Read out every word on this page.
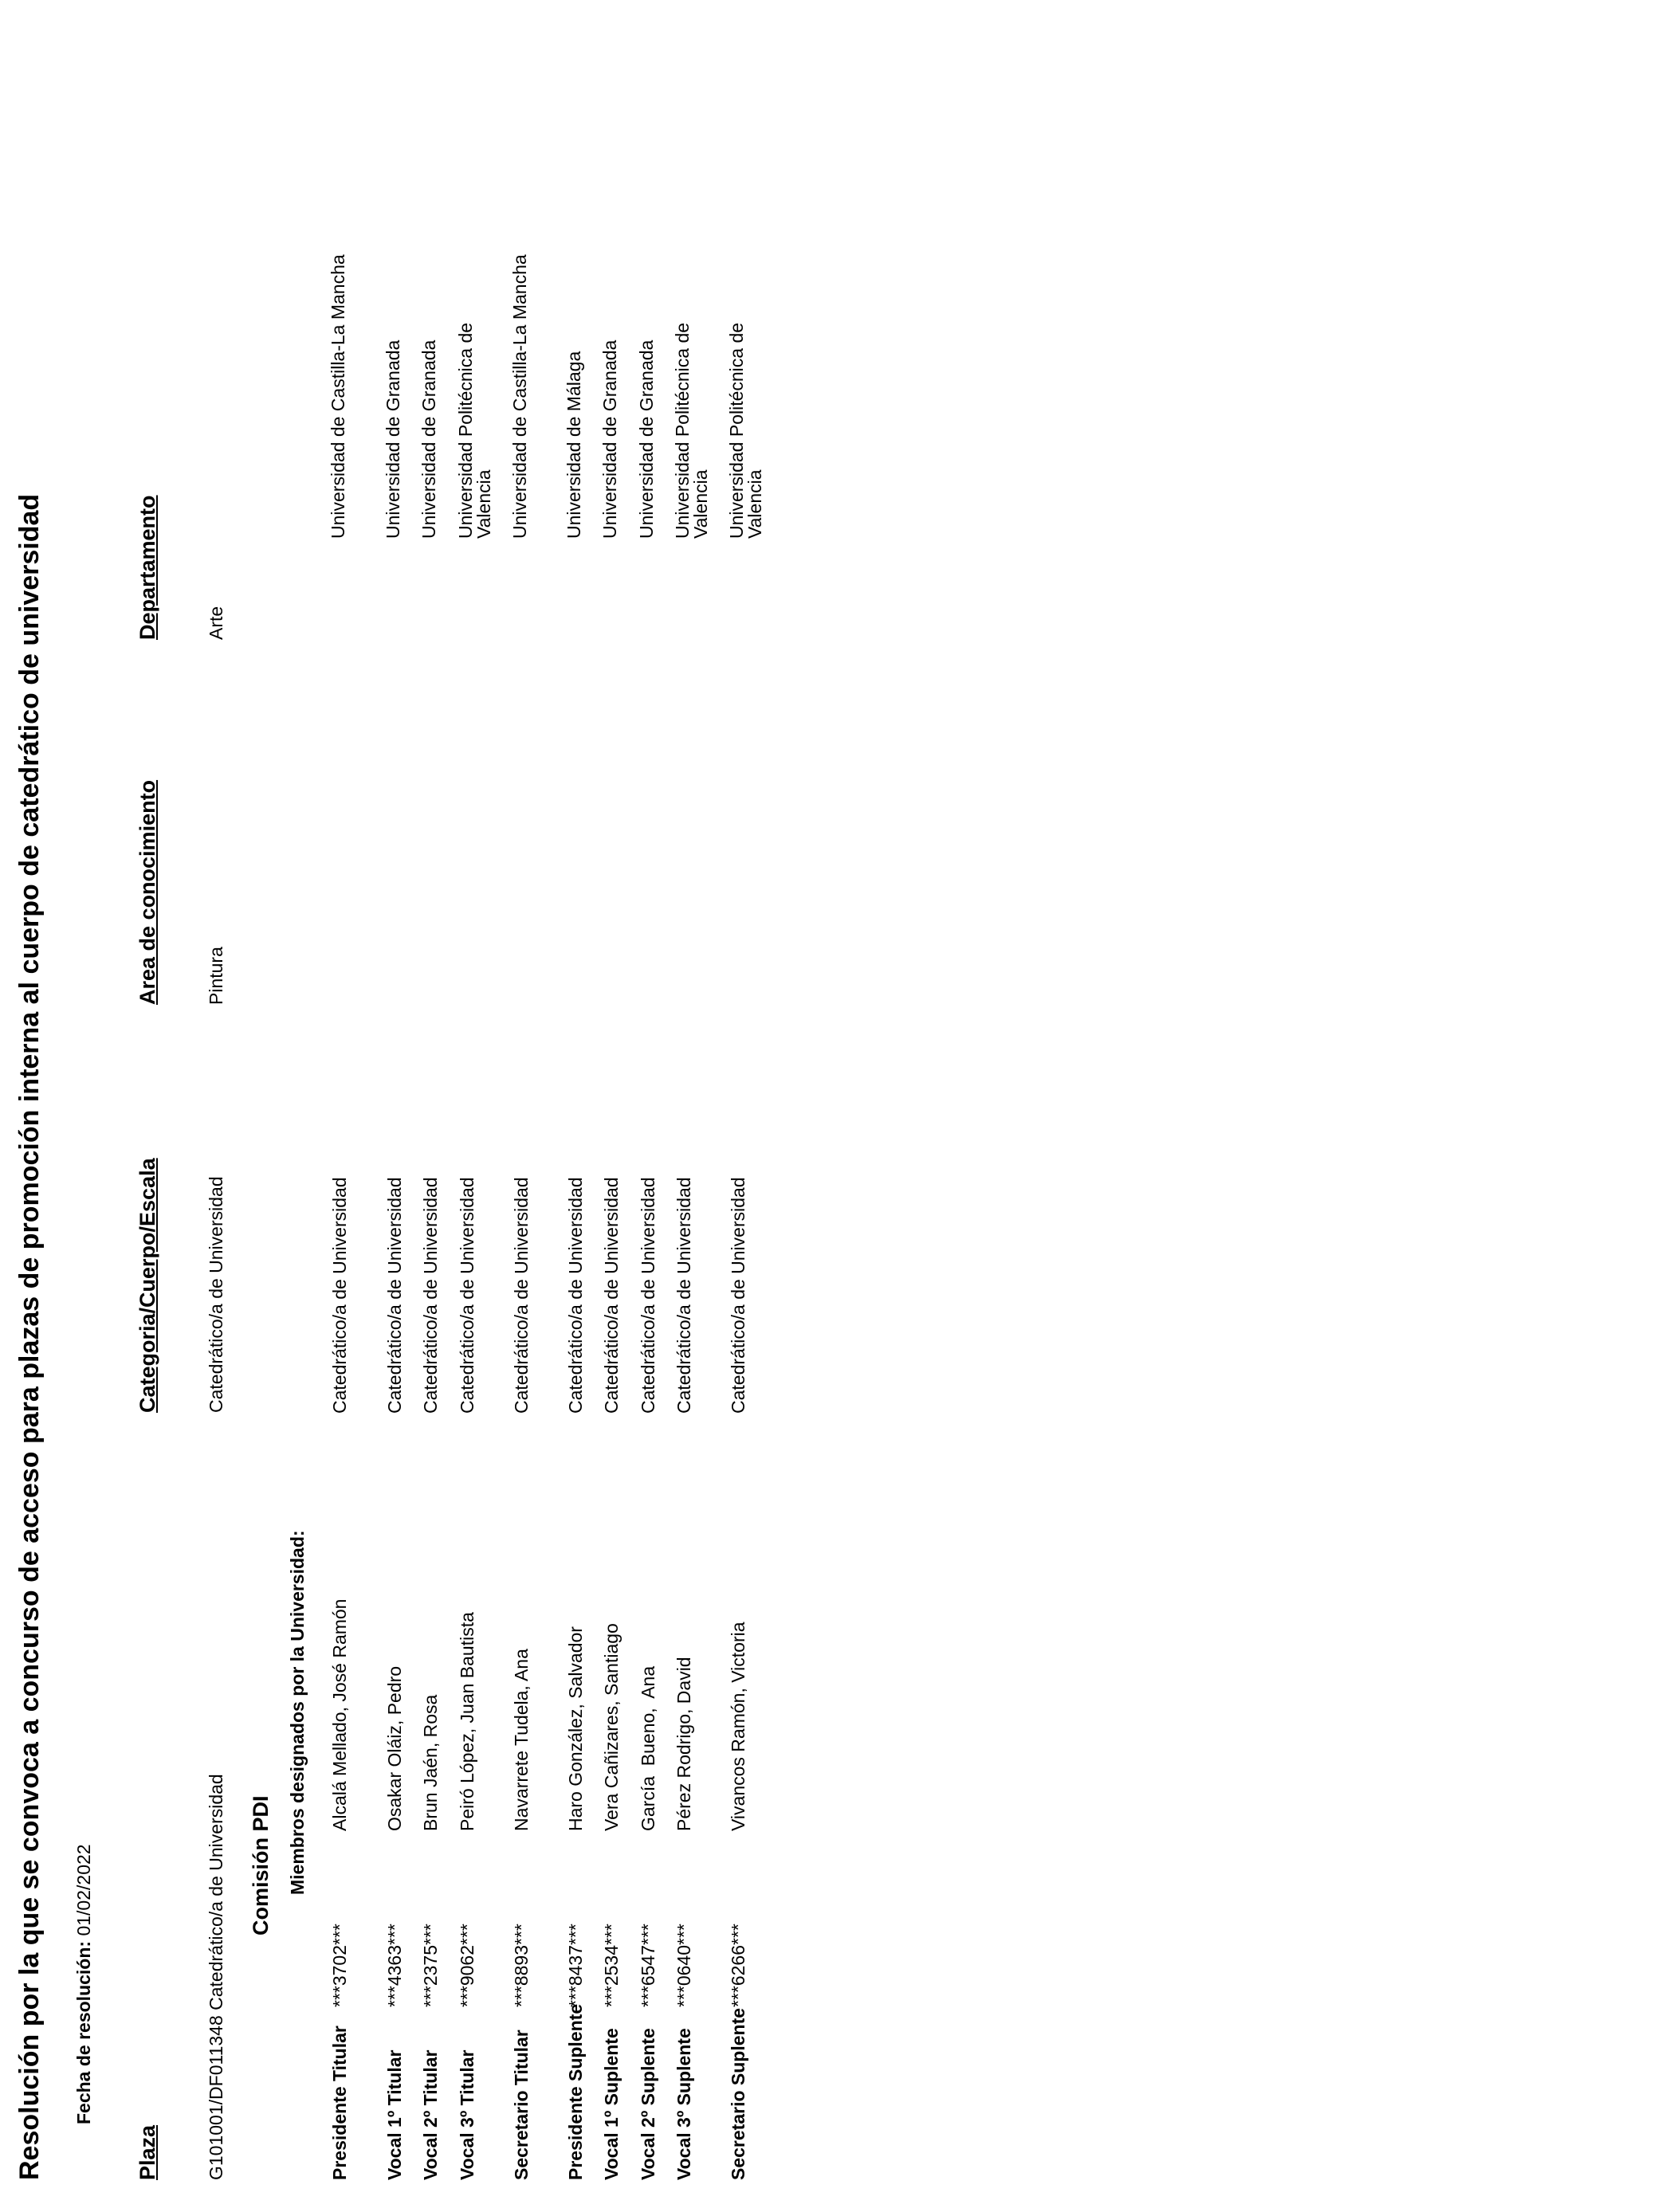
Resolución por la que se convoca a concurso de acceso para plazas de promoción interna al cuerpo de catedrático de universidad Fecha de resolución: 01/02/2022
Plaza
Categoria/Cuerpo/Escala
Area de conocimiento
Departamento
G101001/DF011348 Catedrático/a de Universidad
Catedrático/a de Universidad
Pintura
Arte
Comisión PDI Miembros designados por la Universidad:
Presidente Titular
***3702***
Alcalá Mellado, José Ramón
Catedrático/a de Universidad
Universidad de Castilla-La Mancha
Vocal 1º Titular
***4363***
Osakar Oláiz, Pedro
Catedrático/a de Universidad
Universidad de Granada
Vocal 2º Titular
***2375***
Brun Jaén, Rosa
Catedrático/a de Universidad
Universidad de Granada
Vocal 3º Titular
***9062***
Peiró López, Juan Bautista
Catedrático/a de Universidad
Universidad Politécnica de Valencia
Secretario Titular
***8893***
Navarrete Tudela, Ana
Catedrático/a de Universidad
Universidad de Castilla-La Mancha
Presidente Suplente
***8437***
Haro González, Salvador
Catedrático/a de Universidad
Universidad de Málaga
Vocal 1º Suplente
***2534***
Vera Cañizares, Santiago
Catedrático/a de Universidad
Universidad de Granada
Vocal 2º Suplente
***6547***
García  Bueno,  Ana
Catedrático/a de Universidad
Universidad de Granada
Vocal 3º Suplente
***0640***
Pérez Rodrigo, David
Catedrático/a de Universidad
Universidad Politécnica de Valencia
Secretario Suplente
***6266***
Vivancos Ramón, Victoria
Catedrático/a de Universidad
Universidad Politécnica de Valencia
